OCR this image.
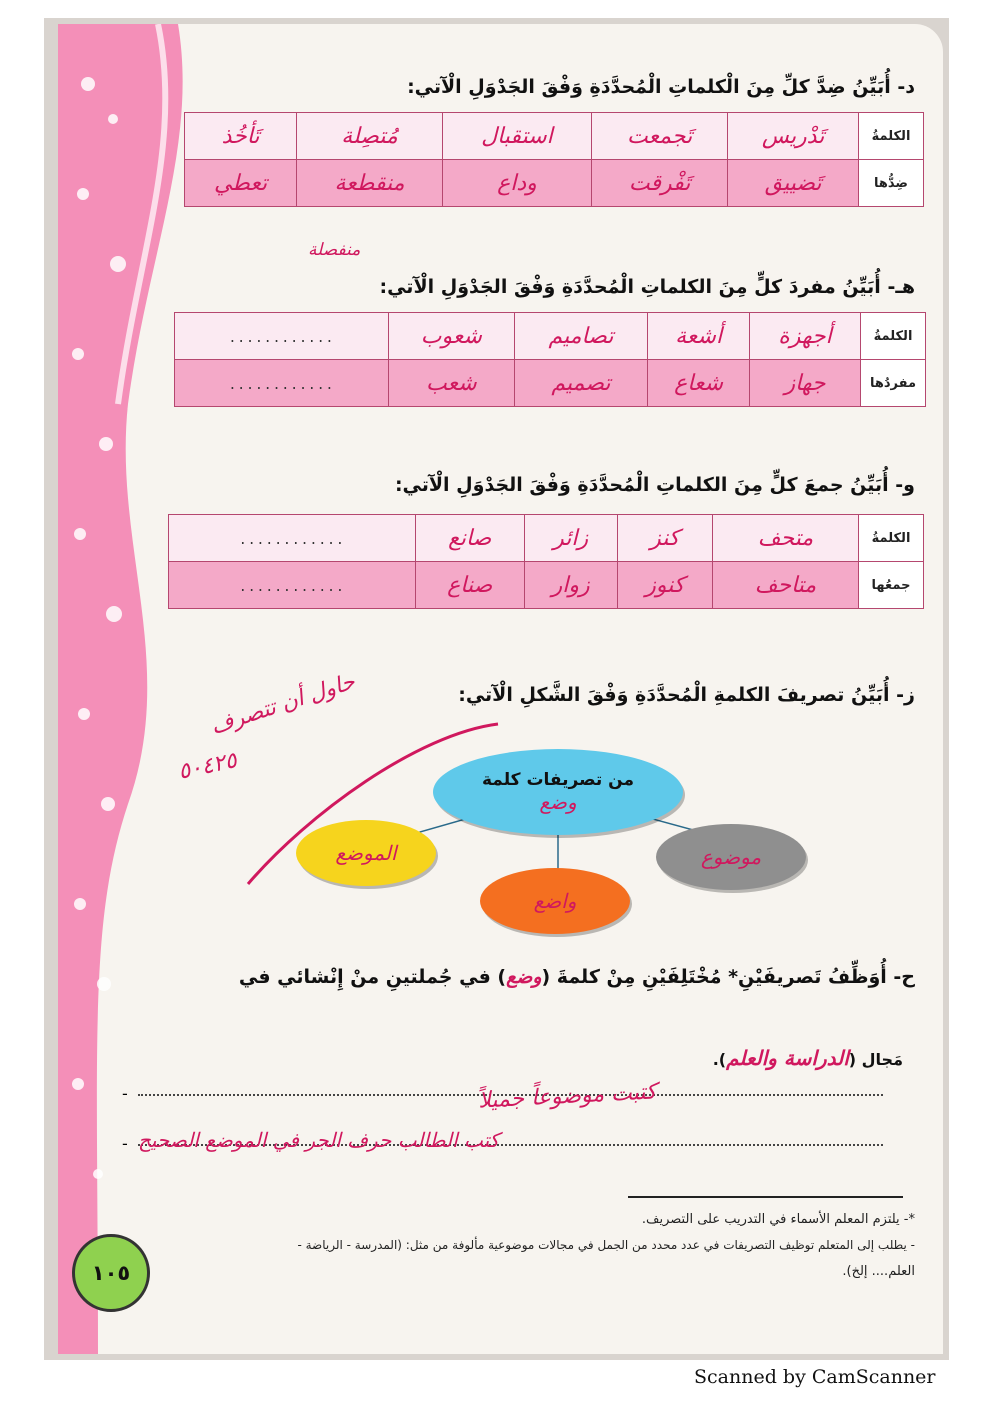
د- أُبَيِّنُ ضِدَّ كلِّ مِنَ الْكلماتِ الْمُحدَّدَةِ وَفْقَ الجَدْوَلِ الْآتي:
الكلمةُ	تَدْريس	تَجمعت	استقبال	مُتصِلة	تَأخُذ
ضِدُّها	تَضييق	تَفْرقت	وداع	منقطعة	تعطي
منفصلة
هـ- أُبَيِّنُ مفردَ كلٍّ مِنَ الكلماتِ الْمُحدَّدَةِ وَفْقَ الجَدْوَلِ الْآتي:
الكلمةُ	أجهزة	أشعة	تصاميم	شعوب	............
مفردُها	جهاز	شعاع	تصميم	شعب	............
و- أُبَيِّنُ جمعَ كلٍّ مِنَ الكلماتِ الْمُحدَّدَةِ وَفْقَ الجَدْوَلِ الْآتي:
الكلمةُ	متحف	كنز	زائر	صانع	............
جمعُها	متاحف	كنوز	زوار	صناع	............
ز- أُبَيِّنُ تصريفَ الكلمةِ الْمُحدَّدَةِ وَفْقَ الشَّكلِ الْآتي:
حاول أن تتصرف
٥٠٤٢٥	من تصريفات كلمة
وضع
الموضع
واضع
موضوع
ح- أُوَظِّفُ تَصريفَيْنِ* مُخْتَلِفَيْنِ مِنْ كلمةَ (وضع) في جُملتينِ منْ إِنْشائي في
مَجال (الدراسة والعلم).
كتبت موضوعاً جميلاً
-
كتب الطالب حرف الجر في الموضع الصحيح
-
*- يلتزم المعلم الأسماء في التدريب على التصريف.
- يطلب إلى المتعلم توظيف التصريفات في عدد محدد من الجمل في مجالات موضوعية مألوفة من مثل: (المدرسة - الرياضة -
العلم.... إلخ).
١٠٥
Scanned by CamScanner
